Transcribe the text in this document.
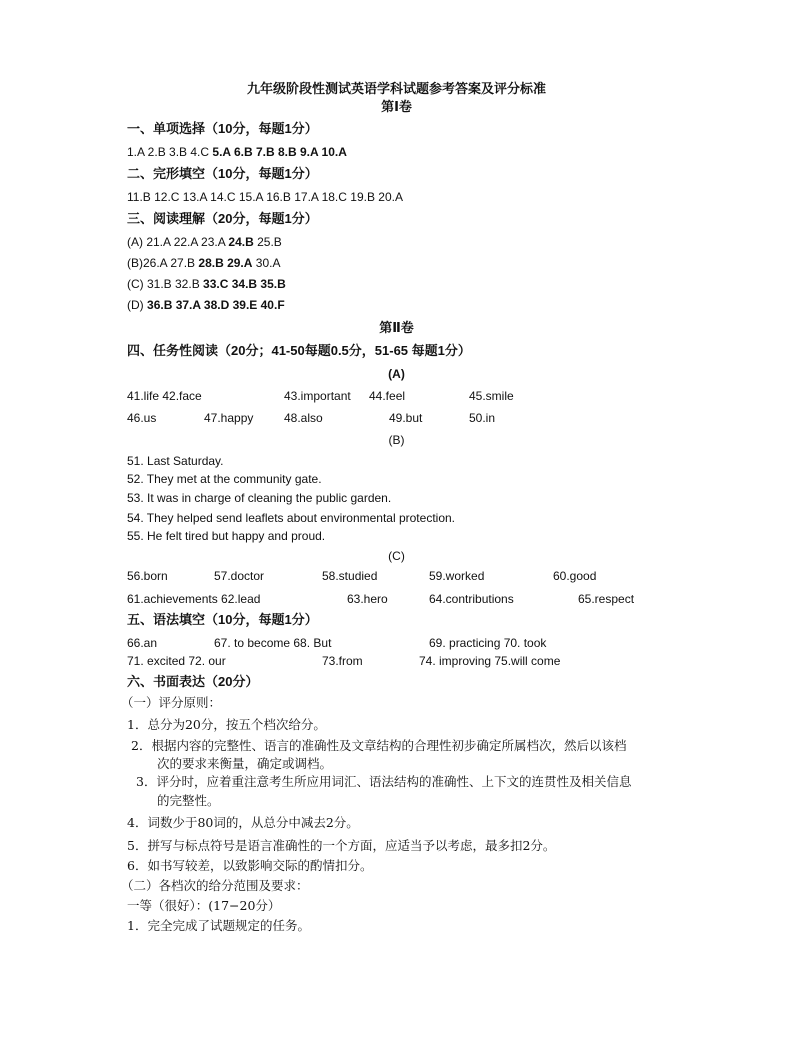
九年级阶段性测试英语学科试题参考答案及评分标准
第Ⅰ卷
一、单项选择（10分，每题1分）
1.A 2.B 3.B 4.C 5.A 6.B 7.B 8.B 9.A 10.A
二、完形填空（10分，每题1分）
11.B 12.C 13.A 14.C 15.A 16.B 17.A 18.C 19.B 20.A
三、阅读理解（20分，每题1分）
(A) 21.A 22.A 23.A 24.B 25.B
(B)26.A 27.B 28.B 29.A 30.A
(C) 31.B 32.B 33.C 34.B 35.B
(D) 36.B 37.A 38.D 39.E 40.F
第Ⅱ卷
四、任务性阅读（20分；41-50每题0.5分，51-65 每题1分）
(A)
41.life 42.face	43.important 44.feel	45.smile
46.us	47.happy	48.also	49.but	50.in
(B)
51. Last Saturday.
52. They met at the community gate.
53. It was in charge of cleaning the public garden.
54. They helped send leaflets about environmental protection.
55. He felt tired but happy and proud.
(C)
56.born	57.doctor	58.studied	59.worked	60.good
61.achievements 62.lead	63.hero	64.contributions	65.respect
五、语法填空（10分，每题1分）
66.an	67. to become 68. But	69. practicing 70. took
71. excited 72. our	73.from	74. improving 75.will come
六、书面表达（20分）
（一）评分原则：
1．总分为20分，按五个档次给分。
2．根据内容的完整性、语言的准确性及文章结构的合理性初步确定所属档次，然后以该档
次的要求来衡量，确定或调档。
3．评分时，应着重注意考生所应用词汇、语法结构的准确性、上下文的连贯性及相关信息
的完整性。
4．词数少于80词的，从总分中减去2分。
5．拼写与标点符号是语言准确性的一个方面，应适当予以考虑，最多扣2分。
6．如书写较差，以致影响交际的酌情扣分。
（二）各档次的给分范围及要求：
一等（很好）：(17−20分）
1．完全完成了试题规定的任务。
